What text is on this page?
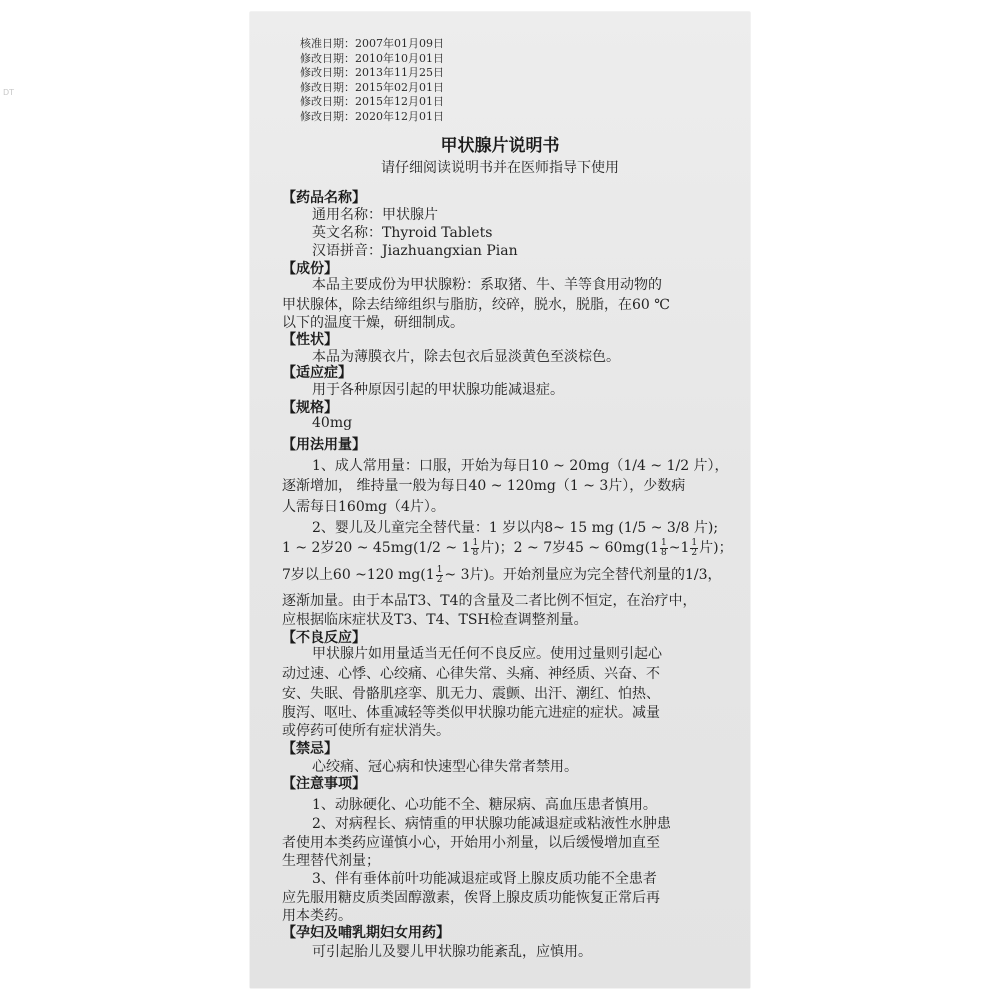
DT
核准日期：2007年01月09日
修改日期：2010年10月01日
修改日期：2013年11月25日
修改日期：2015年02月01日
修改日期：2015年12月01日
修改日期：2020年12月01日
甲状腺片说明书
请仔细阅读说明书并在医师指导下使用
【药品名称】
通用名称：甲状腺片
英文名称：Thyroid Tablets
汉语拼音：Jiazhuangxian Pian
【成份】
本品主要成份为甲状腺粉：系取猪、牛、羊等食用动物的
甲状腺体，除去结缔组织与脂肪，绞碎，脱水，脱脂，在60 ℃
以下的温度干燥，研细制成。
【性状】
本品为薄膜衣片，除去包衣后显淡黄色至淡棕色。
【适应症】
用于各种原因引起的甲状腺功能减退症。
【规格】
40mg
【用法用量】
1、成人常用量：口服，开始为每日10 ~ 20mg（1/4 ~ 1/2 片），
逐渐增加， 维持量一般为每日40 ~ 120mg（1 ~ 3片），少数病
人需每日160mg（4片）。
2、婴儿及儿童完全替代量：1 岁以内8~ 15 mg (1/5 ~ 3/8 片);
1 ~ 2岁20 ~ 45mg(1/2 ~ $1 \frac{1}{8}$ 片)；2 ~ 7岁45 ~ $60mg(1 \frac{1}{8}$ ~1 $\frac{1}{2}$ 片)；
7岁以上60 ~120 $mg(1 \frac{1}{2}$ ~ 3片)。开始剂量应为完全替代剂量的1/3，
逐渐加量。由于本品T3、T4的含量及二者比例不恒定，在治疗中，
应根据临床症状及T3、T4、TSH检查调整剂量。
【不良反应】
甲状腺片如用量适当无任何不良反应。使用过量则引起心
动过速、心悸、心绞痛、心律失常、头痛、神经质、兴奋、不
安、失眠、骨骼肌痉挛、肌无力、震颤、出汗、潮红、怕热、
腹泻、呕吐、体重减轻等类似甲状腺功能亢进症的症状。减量
或停药可使所有症状消失。
【禁忌】
心绞痛、冠心病和快速型心律失常者禁用。
【注意事项】
1、动脉硬化、心功能不全、糖尿病、高血压患者慎用。
2、对病程长、病情重的甲状腺功能减退症或粘液性水肿患
者使用本类药应谨慎小心，开始用小剂量，以后缓慢增加直至
生理替代剂量；
3、伴有垂体前叶功能减退症或肾上腺皮质功能不全患者
应先服用糖皮质类固醇激素，俟肾上腺皮质功能恢复正常后再
用本类药。
【孕妇及哺乳期妇女用药】
可引起胎儿及婴儿甲状腺功能紊乱，应慎用。
